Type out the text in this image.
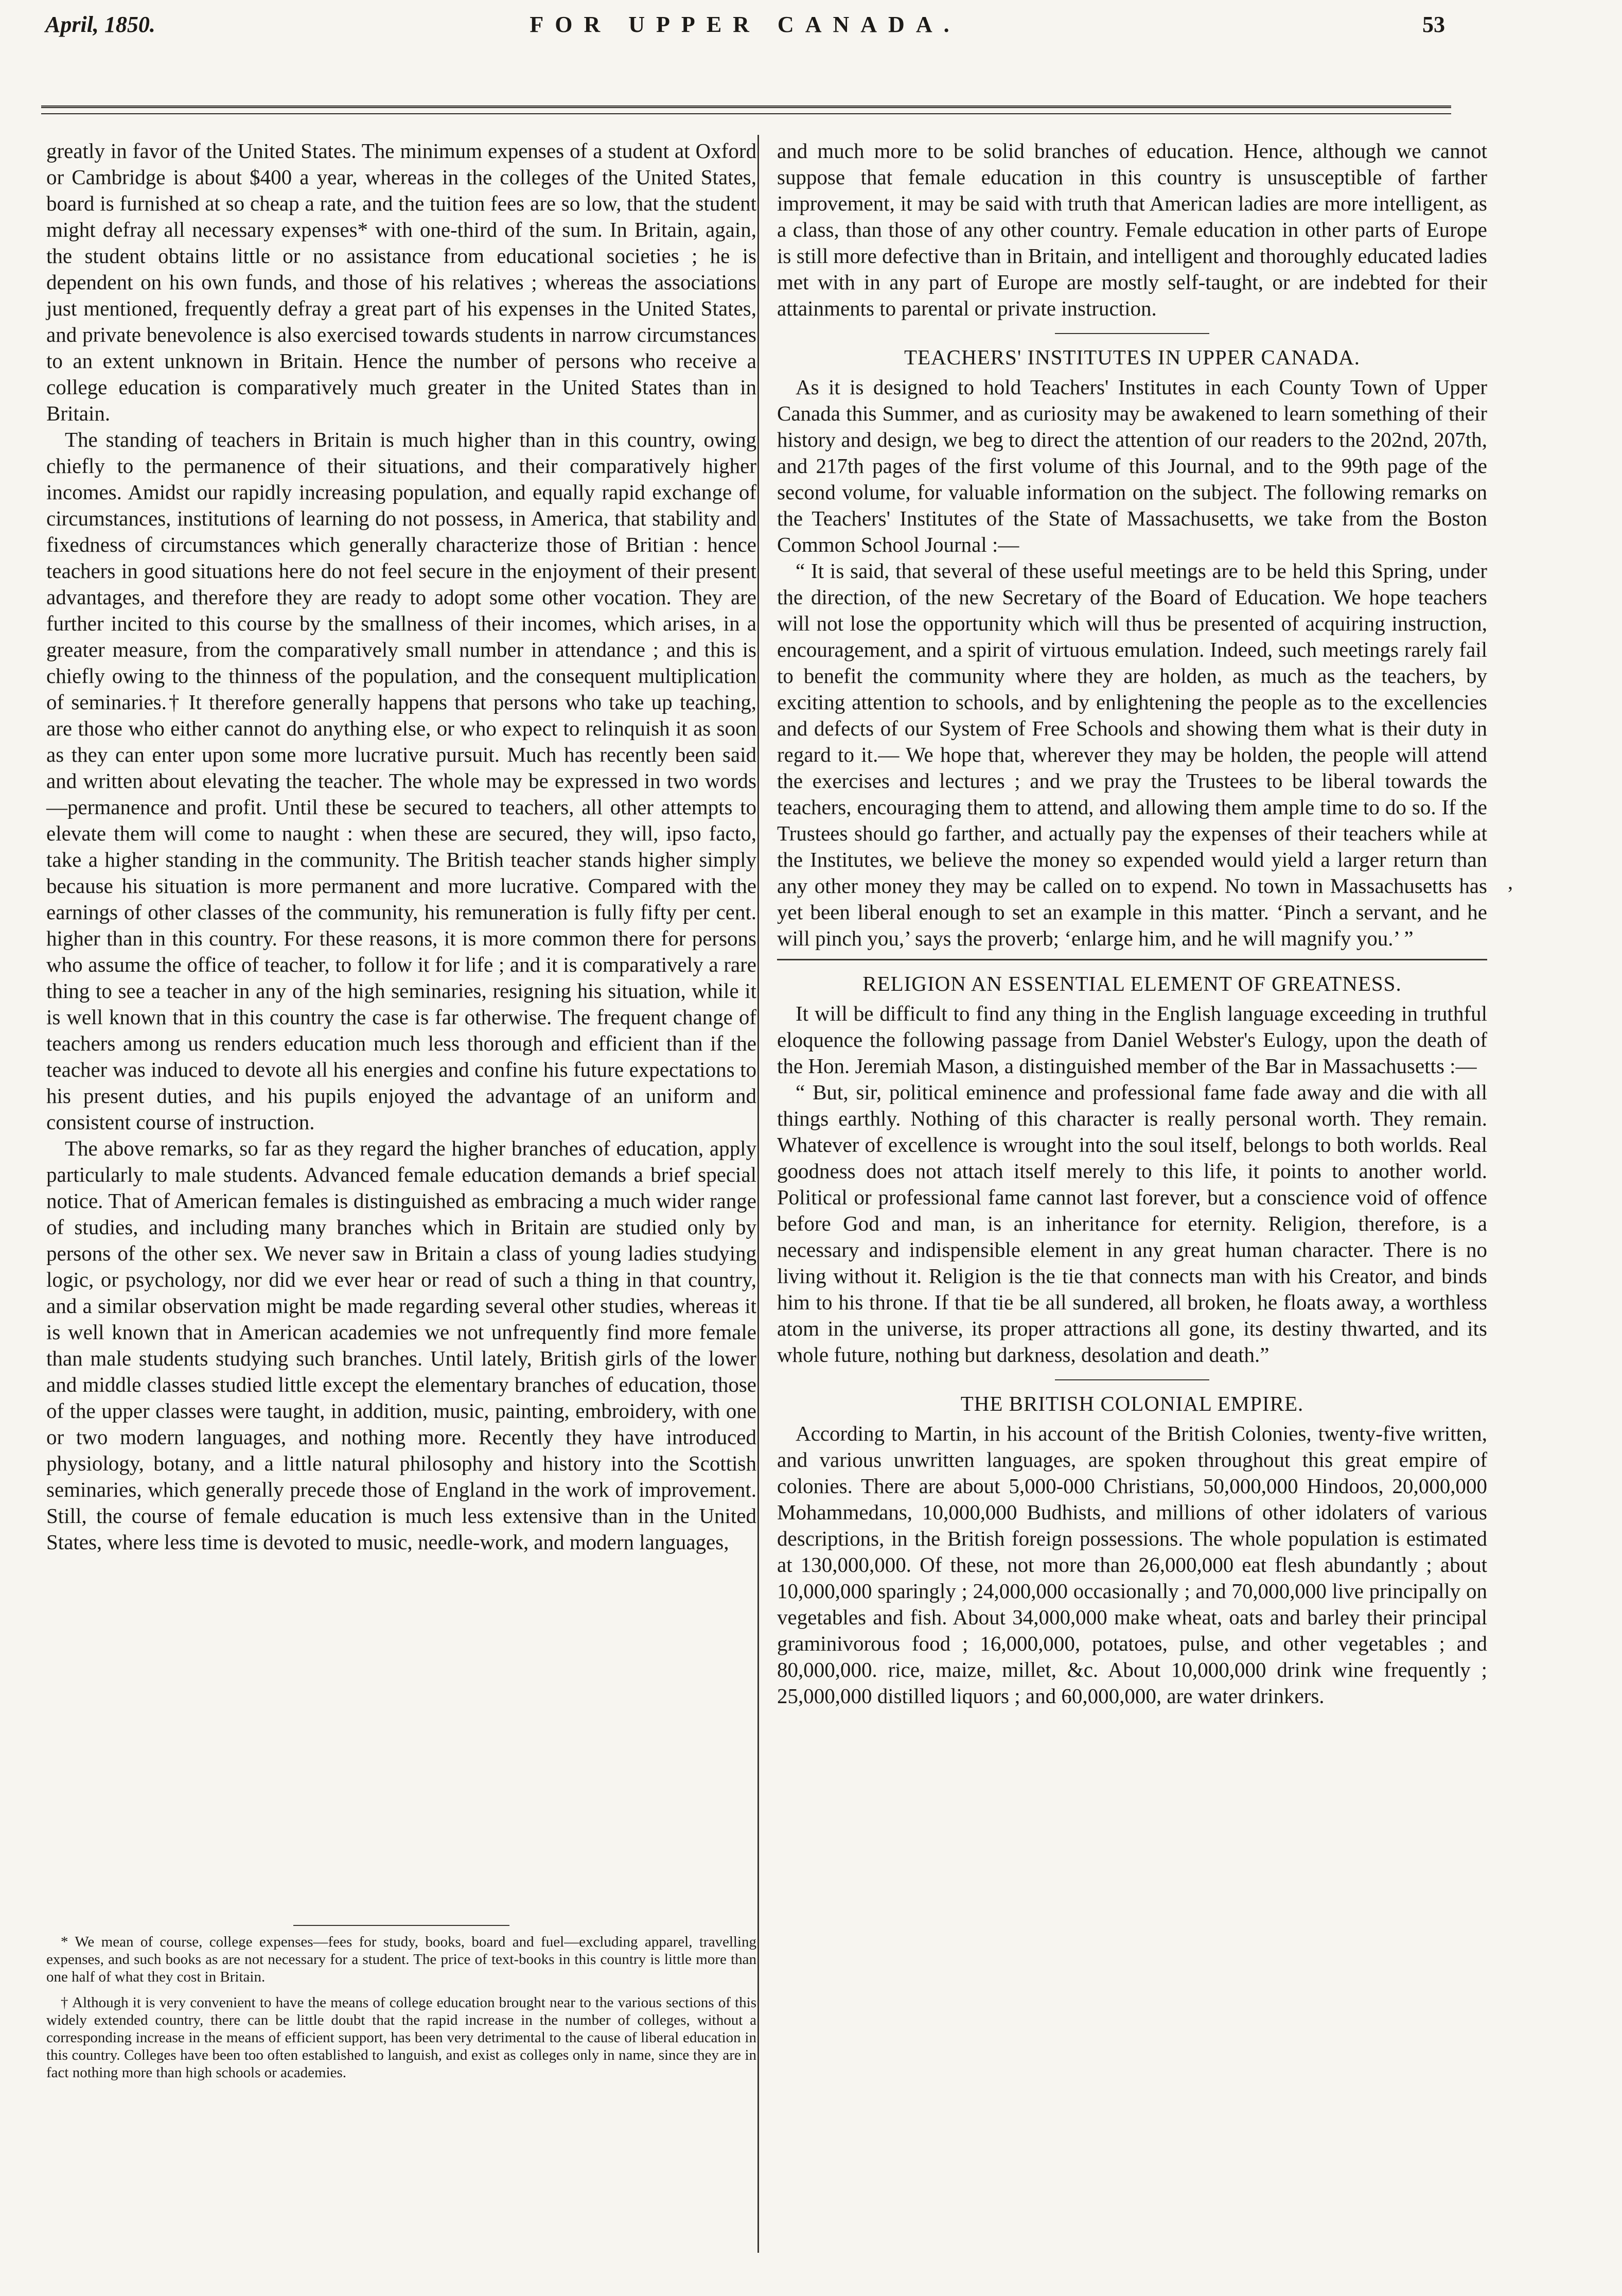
April, 1850.	FOR UPPER CANADA.	53

greatly in favor of the United States. The minimum expenses of a student at Oxford or Cambridge is about $400 a year, whereas in the colleges of the United States, board is furnished at so cheap a rate, and the tuition fees are so low, that the student might defray all necessary expenses* with one-third of the sum. In Britain, again, the student obtains little or no assistance from educational societies ; he is dependent on his own funds, and those of his relatives ; whereas the associations just mentioned, frequently defray a great part of his expenses in the United States, and private benevolence is also exercised towards students in narrow circumstances to an extent unknown in Britain. Hence the number of persons who receive a college education is comparatively much greater in the United States than in Britain.

The standing of teachers in Britain is much higher than in this country, owing chiefly to the permanence of their situations, and their comparatively higher incomes. Amidst our rapidly increasing population, and equally rapid exchange of circumstances, institutions of learning do not possess, in America, that stability and fixedness of circumstances which generally characterize those of Britian : hence teachers in good situations here do not feel secure in the enjoyment of their present advantages, and therefore they are ready to adopt some other vocation. They are further incited to this course by the smallness of their incomes, which arises, in a greater measure, from the comparatively small number in attendance ; and this is chiefly owing to the thinness of the population, and the consequent multiplication of seminaries.† It therefore generally happens that persons who take up teaching, are those who either cannot do anything else, or who expect to relinquish it as soon as they can enter upon some more lucrative pursuit. Much has recently been said and written about elevating the teacher. The whole may be expressed in two words—permanence and profit. Until these be secured to teachers, all other attempts to elevate them will come to naught : when these are secured, they will, ipso facto, take a higher standing in the community. The British teacher stands higher simply because his situation is more permanent and more lucrative. Compared with the earnings of other classes of the community, his remuneration is fully fifty per cent. higher than in this country. For these reasons, it is more common there for persons who assume the office of teacher, to follow it for life ; and it is comparatively a rare thing to see a teacher in any of the high seminaries, resigning his situation, while it is well known that in this country the case is far otherwise. The frequent change of teachers among us renders education much less thorough and efficient than if the teacher was induced to devote all his energies and confine his future expectations to his present duties, and his pupils enjoyed the advantage of an uniform and consistent course of instruction.

The above remarks, so far as they regard the higher branches of education, apply particularly to male students. Advanced female education demands a brief special notice. That of American females is distinguished as embracing a much wider range of studies, and including many branches which in Britain are studied only by persons of the other sex. We never saw in Britain a class of young ladies studying logic, or psychology, nor did we ever hear or read of such a thing in that country, and a similar observation might be made regarding several other studies, whereas it is well known that in American academies we not unfrequently find more female than male students studying such branches. Until lately, British girls of the lower and middle classes studied little except the elementary branches of education, those of the upper classes were taught, in addition, music, painting, embroidery, with one or two modern languages, and nothing more. Recently they have introduced physiology, botany, and a little natural philosophy and history into the Scottish seminaries, which generally precede those of England in the work of improvement. Still, the course of female education is much less extensive than in the United States, where less time is devoted to music, needle-work, and modern languages,

and much more to be solid branches of education. Hence, although we cannot suppose that female education in this country is unsusceptible of farther improvement, it may be said with truth that American ladies are more intelligent, as a class, than those of any other country. Female education in other parts of Europe is still more defective than in Britain, and intelligent and thoroughly educated ladies met with in any part of Europe are mostly self-taught, or are indebted for their attainments to parental or private instruction.

TEACHERS' INSTITUTES IN UPPER CANADA.

As it is designed to hold Teachers' Institutes in each County Town of Upper Canada this Summer, and as curiosity may be awakened to learn something of their history and design, we beg to direct the attention of our readers to the 202nd, 207th, and 217th pages of the first volume of this Journal, and to the 99th page of the second volume, for valuable information on the subject. The following remarks on the Teachers' Institutes of the State of Massachusetts, we take from the Boston Common School Journal :—

“ It is said, that several of these useful meetings are to be held this Spring, under the direction, of the new Secretary of the Board of Education. We hope teachers will not lose the opportunity which will thus be presented of acquiring instruction, encouragement, and a spirit of virtuous emulation. Indeed, such meetings rarely fail to benefit the community where they are holden, as much as the teachers, by exciting attention to schools, and by enlightening the people as to the excellencies and defects of our System of Free Schools and showing them what is their duty in regard to it.— We hope that, wherever they may be holden, the people will attend the exercises and lectures ; and we pray the Trustees to be liberal towards the teachers, encouraging them to attend, and allowing them ample time to do so. If the Trustees should go farther, and actually pay the expenses of their teachers while at the Institutes, we believe the money so expended would yield a larger return than any other money they may be called on to expend. No town in Massachusetts has yet been liberal enough to set an example in this matter. ‘Pinch a servant, and he will pinch you,’ says the proverb; ‘enlarge him, and he will magnify you.’ ”

RELIGION AN ESSENTIAL ELEMENT OF GREATNESS.

It will be difficult to find any thing in the English language exceeding in truthful eloquence the following passage from Daniel Webster's Eulogy, upon the death of the Hon. Jeremiah Mason, a distinguished member of the Bar in Massachusetts :—

“ But, sir, political eminence and professional fame fade away and die with all things earthly. Nothing of this character is really personal worth. They remain. Whatever of excellence is wrought into the soul itself, belongs to both worlds. Real goodness does not attach itself merely to this life, it points to another world. Political or professional fame cannot last forever, but a conscience void of offence before God and man, is an inheritance for eternity. Religion, therefore, is a necessary and indispensible element in any great human character. There is no living without it. Religion is the tie that connects man with his Creator, and binds him to his throne. If that tie be all sundered, all broken, he floats away, a worthless atom in the universe, its proper attractions all gone, its destiny thwarted, and its whole future, nothing but darkness, desolation and death.”

THE BRITISH COLONIAL EMPIRE.

According to Martin, in his account of the British Colonies, twenty-five written, and various unwritten languages, are spoken throughout this great empire of colonies. There are about 5,000-000 Christians, 50,000,000 Hindoos, 20,000,000 Mohammedans, 10,000,000 Budhists, and millions of other idolaters of various descriptions, in the British foreign possessions. The whole population is estimated at 130,000,000. Of these, not more than 26,000,000 eat flesh abundantly ; about 10,000,000 sparingly ; 24,000,000 occasionally ; and 70,000,000 live principally on vegetables and fish. About 34,000,000 make wheat, oats and barley their principal graminivorous food ; 16,000,000, potatoes, pulse, and other vegetables ; and 80,000,000. rice, maize, millet, &c. About 10,000,000 drink wine frequently ; 25,000,000 distilled liquors ; and 60,000,000, are water drinkers.

* We mean of course, college expenses—fees for study, books, board and fuel—excluding apparel, travelling expenses, and such books as are not necessary for a student. The price of text-books in this country is little more than one half of what they cost in Britain.

† Although it is very convenient to have the means of college education brought near to the various sections of this widely extended country, there can be little doubt that the rapid increase in the number of colleges, without a corresponding increase in the means of efficient support, has been very detrimental to the cause of liberal education in this country. Colleges have been too often established to languish, and exist as colleges only in name, since they are in fact nothing more than high schools or academies.

,
